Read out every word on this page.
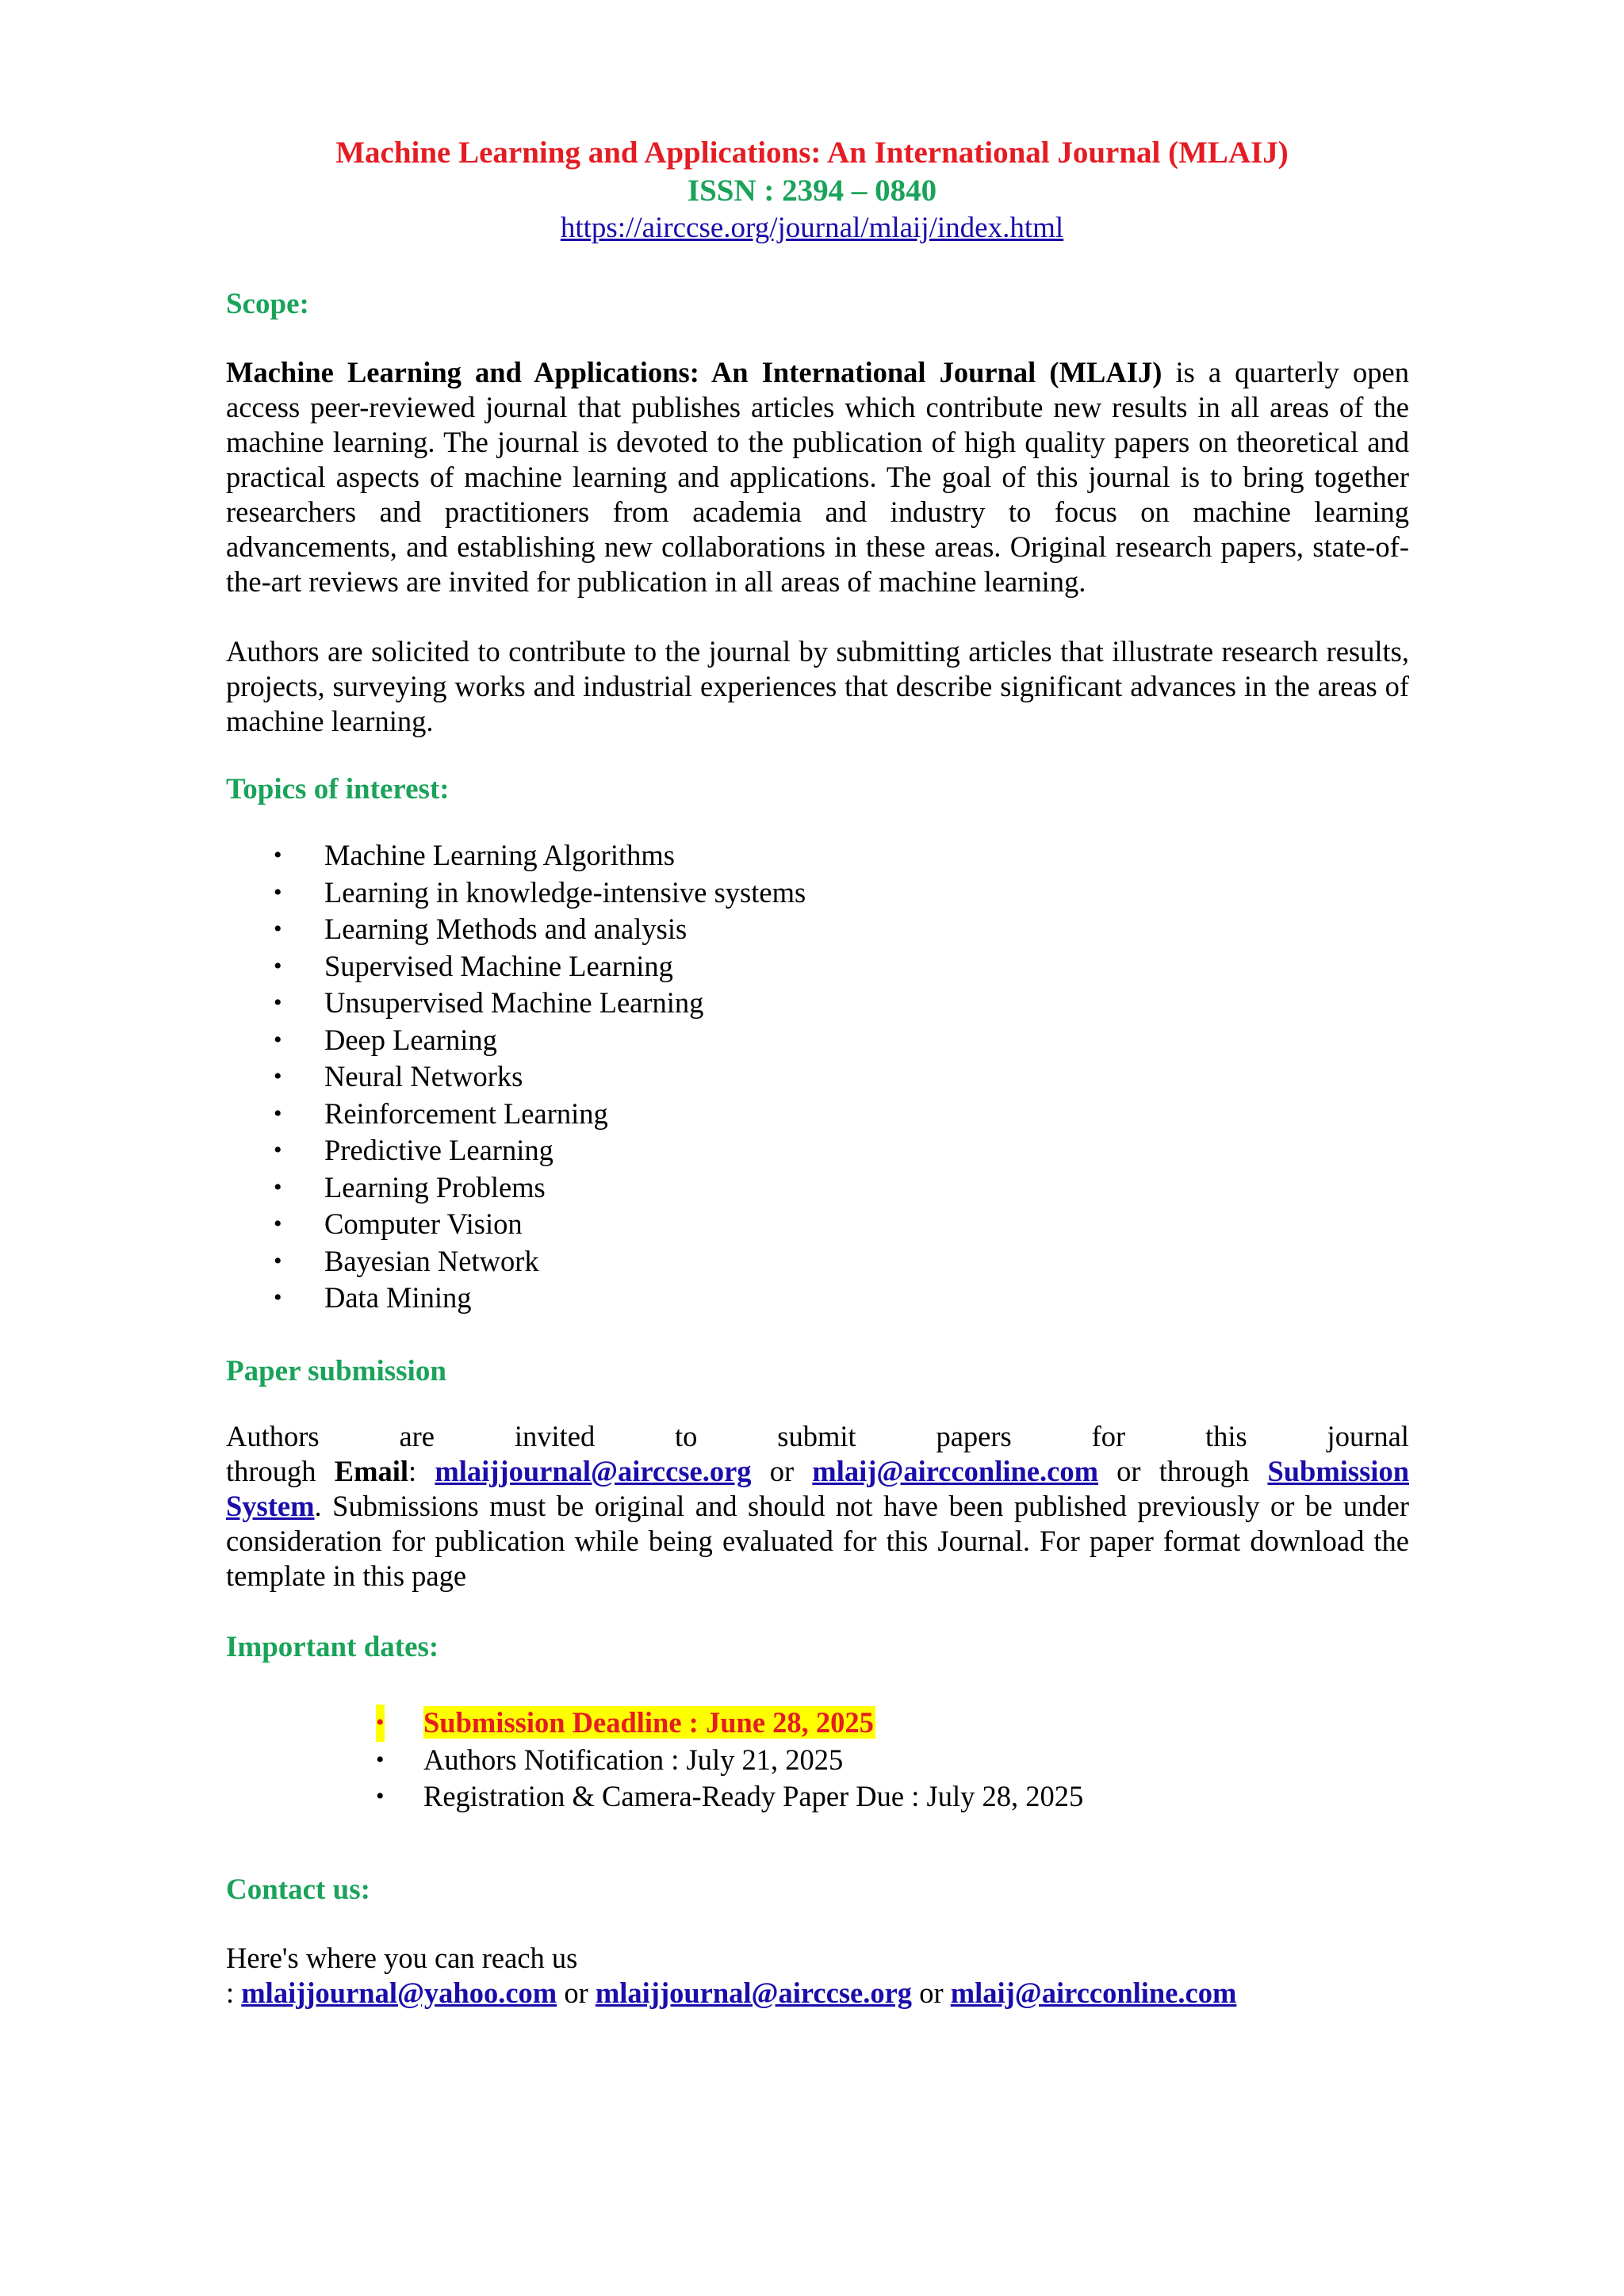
Machine Learning and Applications: An International Journal (MLAIJ)
ISSN : 2394 – 0840
https://airccse.org/journal/mlaij/index.html
Scope:
Machine Learning and Applications: An International Journal (MLAIJ) is a quarterly open access peer-reviewed journal that publishes articles which contribute new results in all areas of the machine learning. The journal is devoted to the publication of high quality papers on theoretical and practical aspects of machine learning and applications. The goal of this journal is to bring together researchers and practitioners from academia and industry to focus on machine learning advancements, and establishing new collaborations in these areas. Original research papers, state-of-the-art reviews are invited for publication in all areas of machine learning.
Authors are solicited to contribute to the journal by submitting articles that illustrate research results, projects, surveying works and industrial experiences that describe significant advances in the areas of machine learning.
Topics of interest:
• Machine Learning Algorithms
• Learning in knowledge-intensive systems
• Learning Methods and analysis
• Supervised Machine Learning
• Unsupervised Machine Learning
• Deep Learning
• Neural Networks
• Reinforcement Learning
• Predictive Learning
• Learning Problems
• Computer Vision
• Bayesian Network
• Data Mining
Paper submission
Authors	are	invited	to	submit	papers	for	this	journal
through Email: mlaijjournal@airccse.org or mlaij@aircconline.com or through Submission System. Submissions must be original and should not have been published previously or be under consideration for publication while being evaluated for this Journal. For paper format download the template in this page
Important dates:
• Submission Deadline : June 28, 2025
• Authors Notification : July 21, 2025
• Registration & Camera-Ready Paper Due : July 28, 2025
Contact us:
Here's where you can reach us
: mlaijjournal@yahoo.com or mlaijjournal@airccse.org or mlaij@aircconline.com
